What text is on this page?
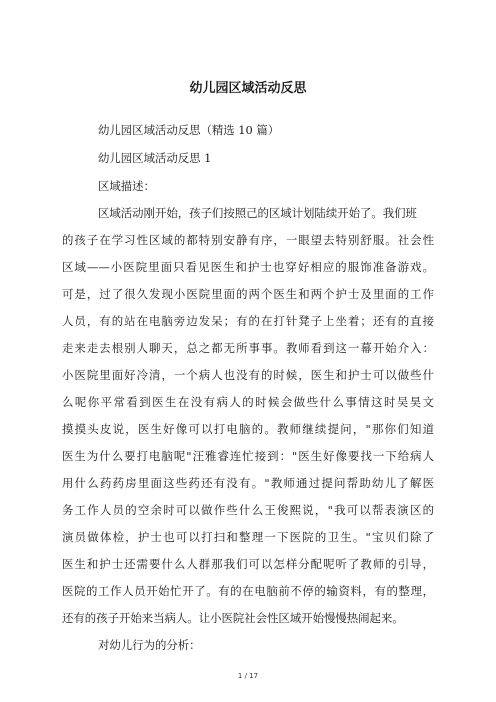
幼儿园区域活动反思
幼儿园区域活动反思（精选 10 篇）
幼儿园区域活动反思 1
区域描述：
区域活动刚开始，孩子们按照己的区域计划陆续开始了。我们班
的孩子在学习性区域的都特别安静有序，一眼望去特别舒服。社会性
区域——小医院里面只看见医生和护士也穿好相应的服饰准备游戏。
可是，过了很久发现小医院里面的两个医生和两个护士及里面的工作
人员，有的站在电脑旁边发呆；有的在打针凳子上坐着；还有的直接
走来走去根别人聊天，总之都无所事事。教师看到这一幕开始介入：
小医院里面好冷清，一个病人也没有的时候，医生和护士可以做些什
么呢你平常看到医生在没有病人的时候会做些什么事情这时吴昊文
摸摸头皮说，医生好像可以打电脑的。教师继续提问，"那你们知道
医生为什么要打电脑呢"汪雅睿连忙接到："医生好像要找一下给病人
用什么药药房里面这些药还有没有。"教师通过提问帮助幼儿了解医
务工作人员的空余时可以做作些什么王俊熙说，"我可以帮表演区的
演员做体检，护士也可以打扫和整理一下医院的卫生。"宝贝们除了
医生和护士还需要什么人群那我们可以怎样分配呢听了教师的引导，
医院的工作人员开始忙开了。有的在电脑前不停的输资料，有的整理，
还有的孩子开始来当病人。让小医院社会性区域开始慢慢热闹起来。
对幼儿行为的分析：
1 / 17
